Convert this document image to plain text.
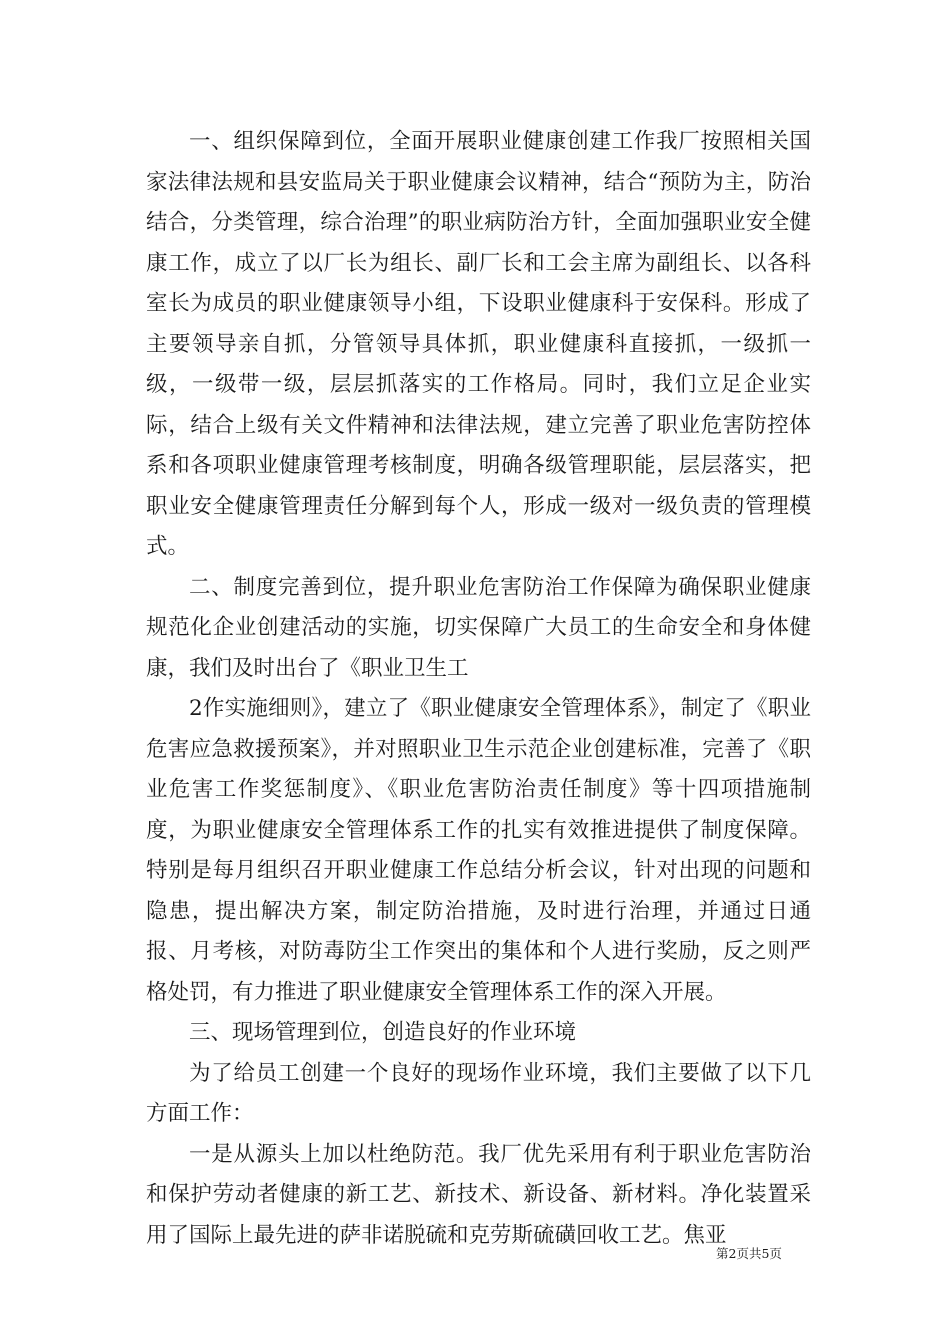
一、组织保障到位，全面开展职业健康创建工作我厂按照相关国家法律法规和县安监局关于职业健康会议精神，结合“预防为主，防治结合，分类管理，综合治理”的职业病防治方针，全面加强职业安全健康工作，成立了以厂长为组长、副厂长和工会主席为副组长、以各科室长为成员的职业健康领导小组，下设职业健康科于安保科。形成了主要领导亲自抓，分管领导具体抓，职业健康科直接抓，一级抓一级，一级带一级，层层抓落实的工作格局。同时，我们立足企业实际，结合上级有关文件精神和法律法规，建立完善了职业危害防控体系和各项职业健康管理考核制度，明确各级管理职能，层层落实，把职业安全健康管理责任分解到每个人，形成一级对一级负责的管理模式。

二、制度完善到位，提升职业危害防治工作保障为确保职业健康规范化企业创建活动的实施，切实保障广大员工的生命安全和身体健康，我们及时出台了《职业卫生工

2作实施细则》，建立了《职业健康安全管理体系》，制定了《职业危害应急救援预案》，并对照职业卫生示范企业创建标准，完善了《职业危害工作奖惩制度》、《职业危害防治责任制度》等十四项措施制度，为职业健康安全管理体系工作的扎实有效推进提供了制度保障。特别是每月组织召开职业健康工作总结分析会议，针对出现的问题和隐患，提出解决方案，制定防治措施，及时进行治理，并通过日通报、月考核，对防毒防尘工作突出的集体和个人进行奖励，反之则严格处罚，有力推进了职业健康安全管理体系工作的深入开展。

三、现场管理到位，创造良好的作业环境

为了给员工创建一个良好的现场作业环境，我们主要做了以下几方面工作：

一是从源头上加以杜绝防范。我厂优先采用有利于职业危害防治和保护劳动者健康的新工艺、新技术、新设备、新材料。净化装置采用了国际上最先进的萨非诺脱硫和克劳斯硫磺回收工艺。焦亚

第2页共5页
